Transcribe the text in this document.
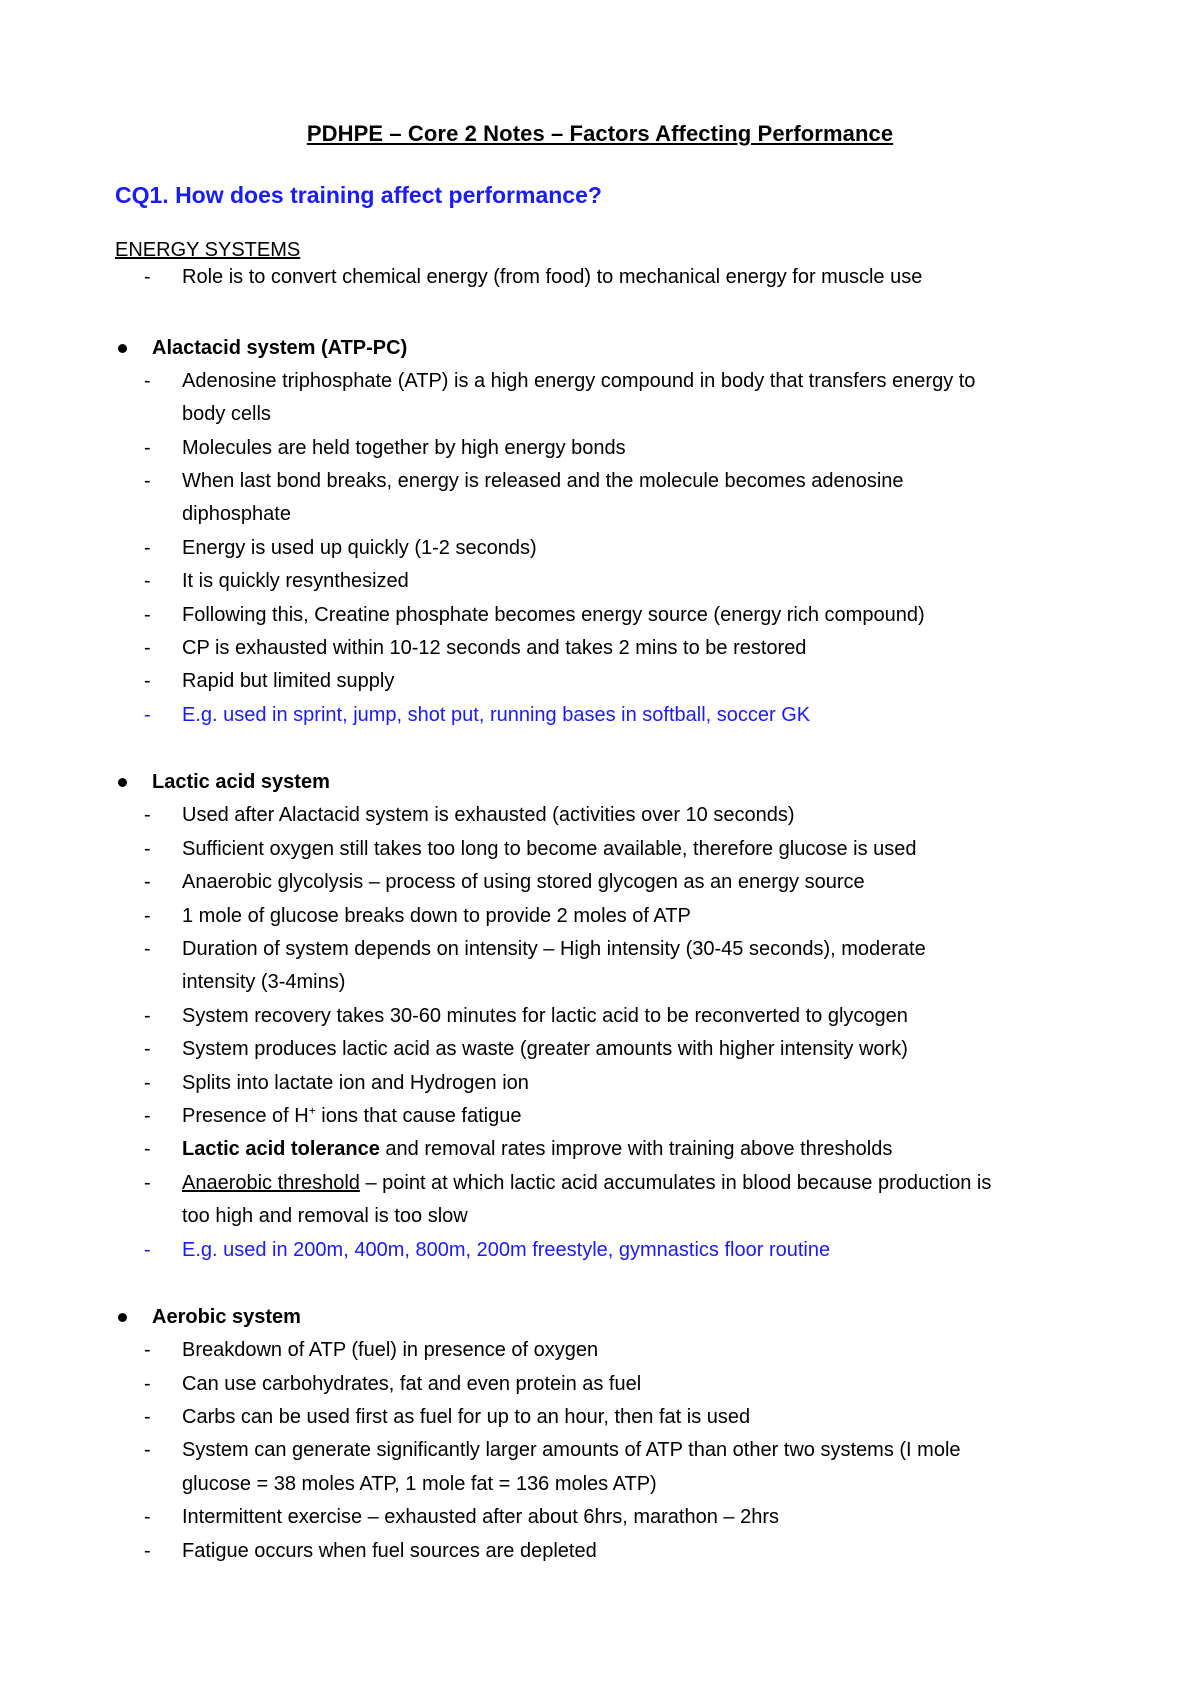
PDHPE – Core 2 Notes – Factors Affecting Performance
CQ1. How does training affect performance?
ENERGY SYSTEMS
-	Role is to convert chemical energy (from food) to mechanical energy for muscle use
Alactacid system (ATP-PC)
-	Adenosine triphosphate (ATP) is a high energy compound in body that transfers energy to
body cells
-	Molecules are held together by high energy bonds
-	When last bond breaks, energy is released and the molecule becomes adenosine
diphosphate
-	Energy is used up quickly (1-2 seconds)
-	It is quickly resynthesized
-	Following this, Creatine phosphate becomes energy source (energy rich compound)
-	CP is exhausted within 10-12 seconds and takes 2 mins to be restored
-	Rapid but limited supply
-	E.g. used in sprint, jump, shot put, running bases in softball, soccer GK
Lactic acid system
-	Used after Alactacid system is exhausted (activities over 10 seconds)
-	Sufficient oxygen still takes too long to become available, therefore glucose is used
-	Anaerobic glycolysis – process of using stored glycogen as an energy source
-	1 mole of glucose breaks down to provide 2 moles of ATP
-	Duration of system depends on intensity – High intensity (30-45 seconds), moderate
intensity (3-4mins)
-	System recovery takes 30-60 minutes for lactic acid to be reconverted to glycogen
-	System produces lactic acid as waste (greater amounts with higher intensity work)
-	Splits into lactate ion and Hydrogen ion
-	Presence of H+ ions that cause fatigue
-	Lactic acid tolerance and removal rates improve with training above thresholds
-	Anaerobic threshold – point at which lactic acid accumulates in blood because production is
too high and removal is too slow
-	E.g. used in 200m, 400m, 800m, 200m freestyle, gymnastics floor routine
Aerobic system
-	Breakdown of ATP (fuel) in presence of oxygen
-	Can use carbohydrates, fat and even protein as fuel
-	Carbs can be used first as fuel for up to an hour, then fat is used
-	System can generate significantly larger amounts of ATP than other two systems (I mole
glucose = 38 moles ATP, 1 mole fat = 136 moles ATP)
-	Intermittent exercise – exhausted after about 6hrs, marathon – 2hrs
-	Fatigue occurs when fuel sources are depleted
